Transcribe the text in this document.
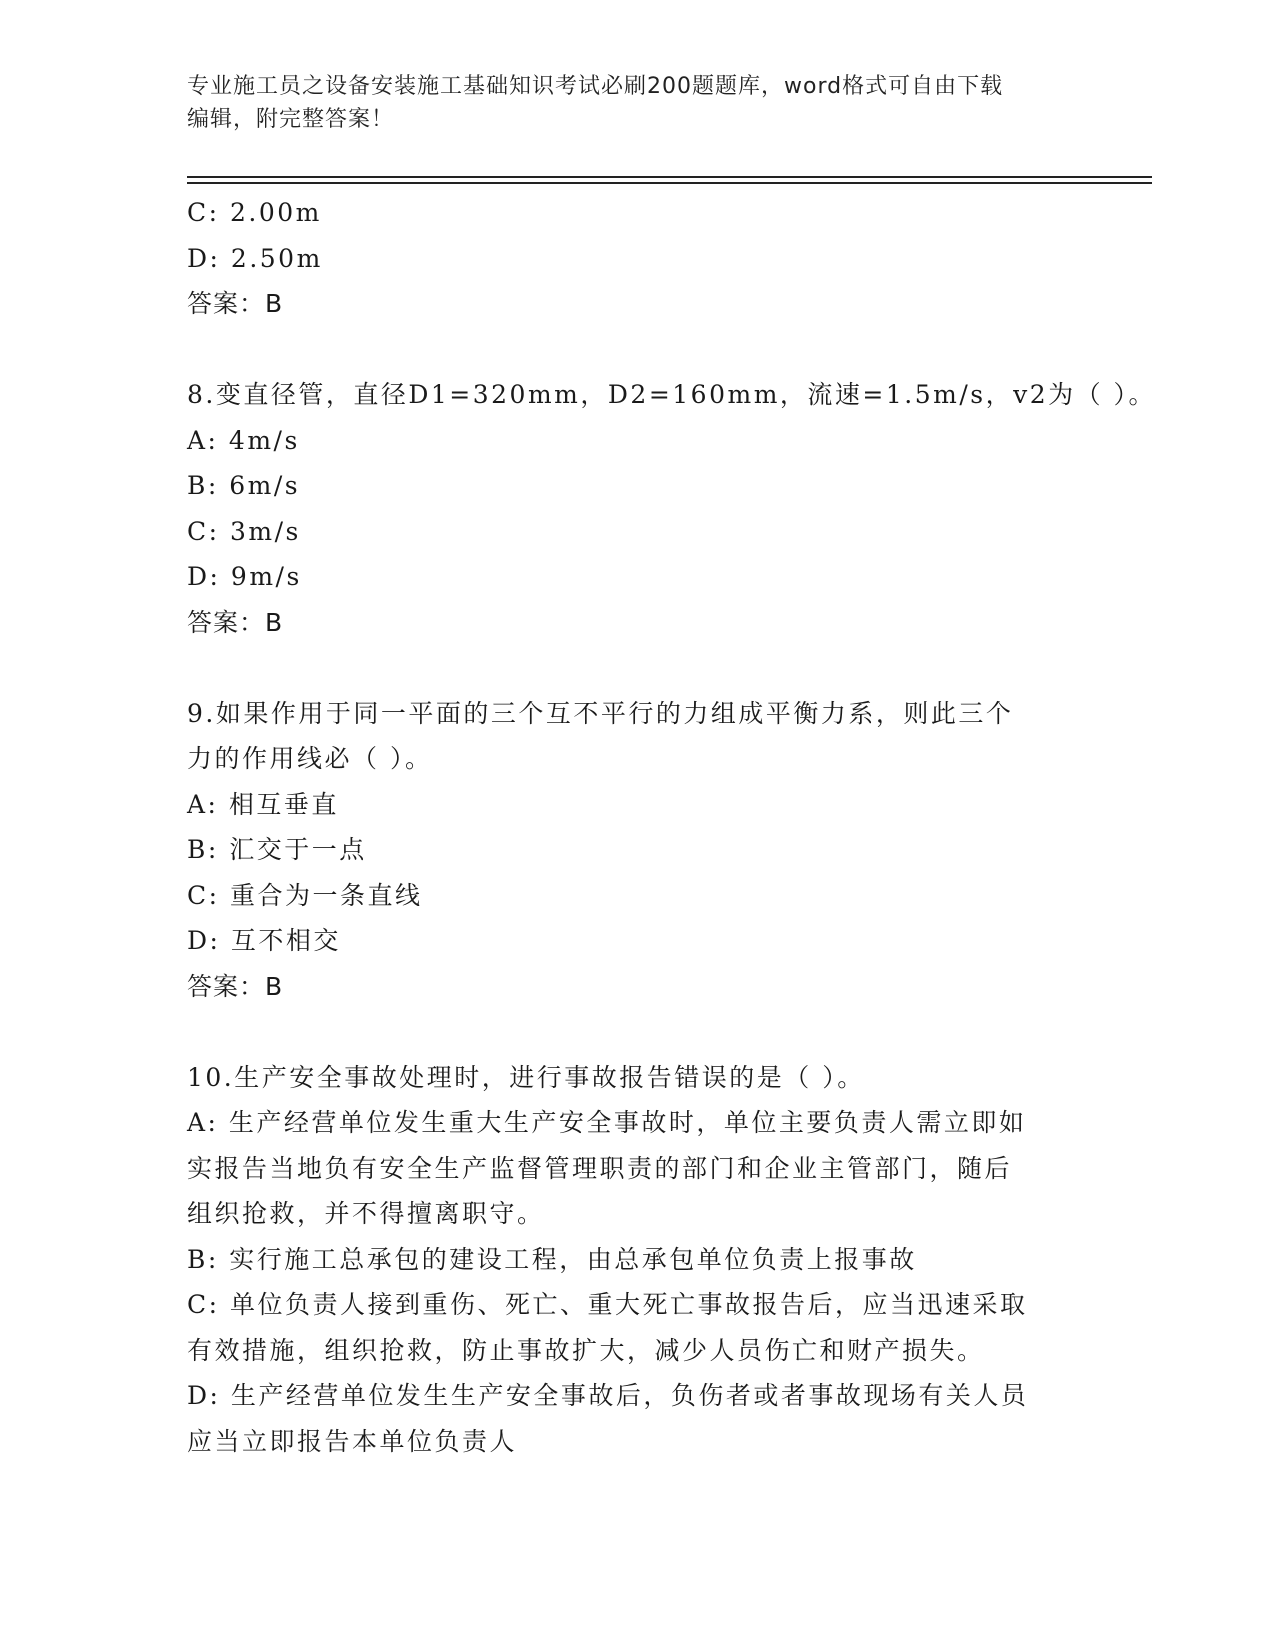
专业施工员之设备安装施工基础知识考试必刷200题题库，word格式可自由下载
编辑，附完整答案！

C: 2.00m

D: 2.50m

答案：B

8.变直径管，直径D1=320mm，D2=160mm，流速=1.5m/s，v2为（ ）。

A: 4m/s

B: 6m/s

C: 3m/s

D: 9m/s

答案：B

9.如果作用于同一平面的三个互不平行的力组成平衡力系，则此三个

力的作用线必（ ）。

A: 相互垂直

B: 汇交于一点

C: 重合为一条直线

D: 互不相交

答案：B

10.生产安全事故处理时，进行事故报告错误的是（ ）。

A: 生产经营单位发生重大生产安全事故时，单位主要负责人需立即如

实报告当地负有安全生产监督管理职责的部门和企业主管部门，随后

组织抢救，并不得擅离职守。

B: 实行施工总承包的建设工程，由总承包单位负责上报事故

C: 单位负责人接到重伤、死亡、重大死亡事故报告后，应当迅速采取

有效措施，组织抢救，防止事故扩大，减少人员伤亡和财产损失。

D: 生产经营单位发生生产安全事故后，负伤者或者事故现场有关人员

应当立即报告本单位负责人
